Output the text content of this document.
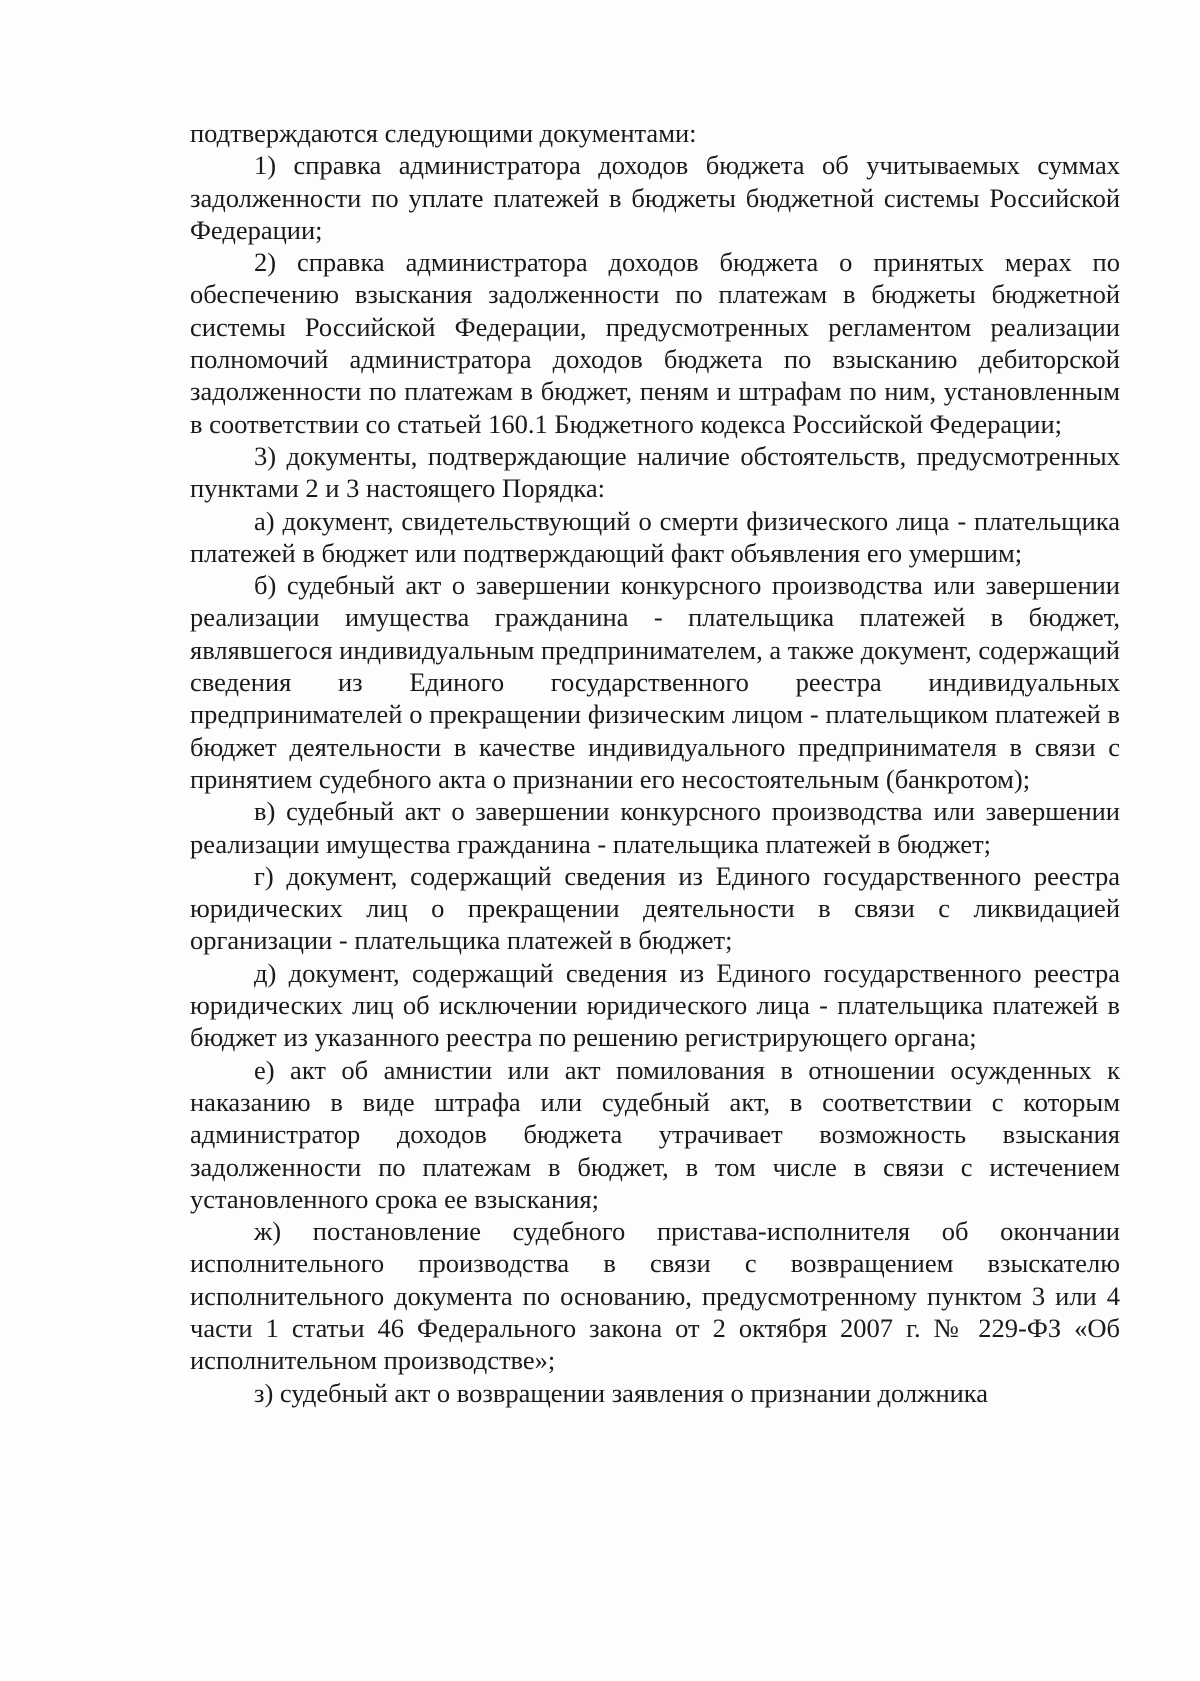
подтверждаются следующими документами:

1) справка администратора доходов бюджета об учитываемых суммах задолженности по уплате платежей в бюджеты бюджетной системы Российской Федерации;

2) справка администратора доходов бюджета о принятых мерах по обеспечению взыскания задолженности по платежам в бюджеты бюджетной системы Российской Федерации, предусмотренных регламентом реализации полномочий администратора доходов бюджета по взысканию дебиторской задолженности по платежам в бюджет, пеням и штрафам по ним, установленным в соответствии со статьей 160.1 Бюджетного кодекса Российской Федерации;

3) документы, подтверждающие наличие обстоятельств, предусмотренных пунктами 2 и 3 настоящего Порядка:

а) документ, свидетельствующий о смерти физического лица - плательщика платежей в бюджет или подтверждающий факт объявления его умершим;

б) судебный акт о завершении конкурсного производства или завершении реализации имущества гражданина - плательщика платежей в бюджет, являвшегося индивидуальным предпринимателем, а также документ, содержащий сведения из Единого государственного реестра индивидуальных предпринимателей о прекращении физическим лицом - плательщиком платежей в бюджет деятельности в качестве индивидуального предпринимателя в связи с принятием судебного акта о признании его несостоятельным (банкротом);

в) судебный акт о завершении конкурсного производства или завершении реализации имущества гражданина - плательщика платежей в бюджет;

г) документ, содержащий сведения из Единого государственного реестра юридических лиц о прекращении деятельности в связи с ликвидацией организации - плательщика платежей в бюджет;

д) документ, содержащий сведения из Единого государственного реестра юридических лиц об исключении юридического лица - плательщика платежей в бюджет из указанного реестра по решению регистрирующего органа;

е) акт об амнистии или акт помилования в отношении осужденных к наказанию в виде штрафа или судебный акт, в соответствии с которым администратор доходов бюджета утрачивает возможность взыскания задолженности по платежам в бюджет, в том числе в связи с истечением установленного срока ее взыскания;

ж) постановление судебного пристава-исполнителя об окончании исполнительного производства в связи с возвращением взыскателю исполнительного документа по основанию, предусмотренному пунктом 3 или 4 части 1 статьи 46 Федерального закона от 2 октября 2007 г. № 229-ФЗ «Об исполнительном производстве»;

з) судебный акт о возвращении заявления о признании должника
